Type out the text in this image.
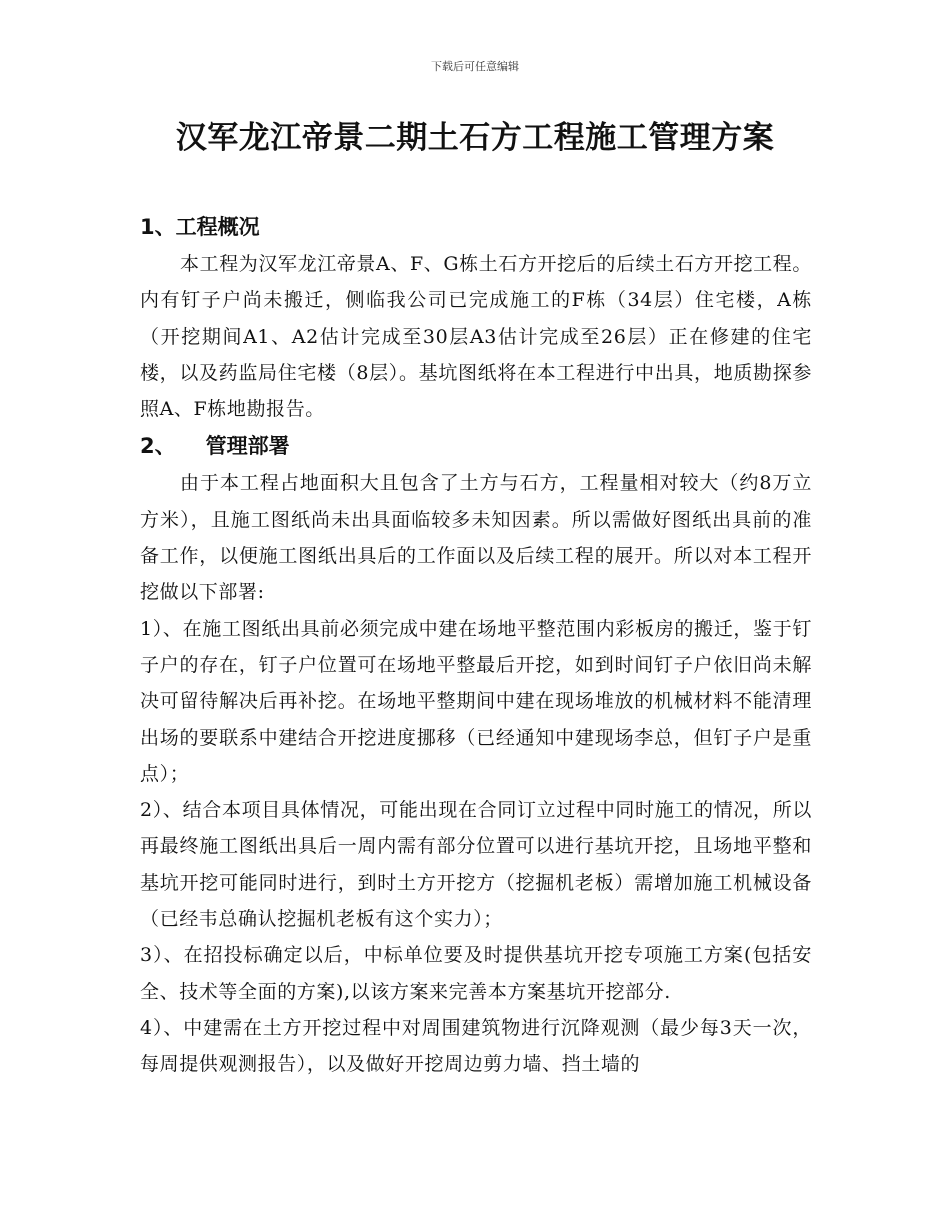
下载后可任意编辑
汉军龙江帝景二期土石方工程施工管理方案
1、工程概况

本工程为汉军龙江帝景A、F、G栋土石方开挖后的后续土石方开挖工程。内有钉子户尚未搬迁，侧临我公司已完成施工的F栋（34层）住宅楼，A栋（开挖期间A1、A2估计完成至30层A3估计完成至26层）正在修建的住宅楼，以及药监局住宅楼（8层）。基坑图纸将在本工程进行中出具，地质勘探参照A、F栋地勘报告。

2、 管理部署

由于本工程占地面积大且包含了土方与石方，工程量相对较大（约8万立方米），且施工图纸尚未出具面临较多未知因素。所以需做好图纸出具前的准备工作，以便施工图纸出具后的工作面以及后续工程的展开。所以对本工程开挖做以下部署:

1）、在施工图纸出具前必须完成中建在场地平整范围内彩板房的搬迁，鉴于钉子户的存在，钉子户位置可在场地平整最后开挖，如到时间钉子户依旧尚未解决可留待解决后再补挖。在场地平整期间中建在现场堆放的机械材料不能清理出场的要联系中建结合开挖进度挪移（已经通知中建现场李总，但钉子户是重点）；

2）、结合本项目具体情况，可能出现在合同订立过程中同时施工的情况，所以再最终施工图纸出具后一周内需有部分位置可以进行基坑开挖，且场地平整和基坑开挖可能同时进行，到时土方开挖方（挖掘机老板）需增加施工机械设备（已经韦总确认挖掘机老板有这个实力）；

3）、在招投标确定以后，中标单位要及时提供基坑开挖专项施工方案(包括安全、技术等全面的方案),以该方案来完善本方案基坑开挖部分.

4）、中建需在土方开挖过程中对周围建筑物进行沉降观测（最少每3天一次，每周提供观测报告），以及做好开挖周边剪力墙、挡土墙的
